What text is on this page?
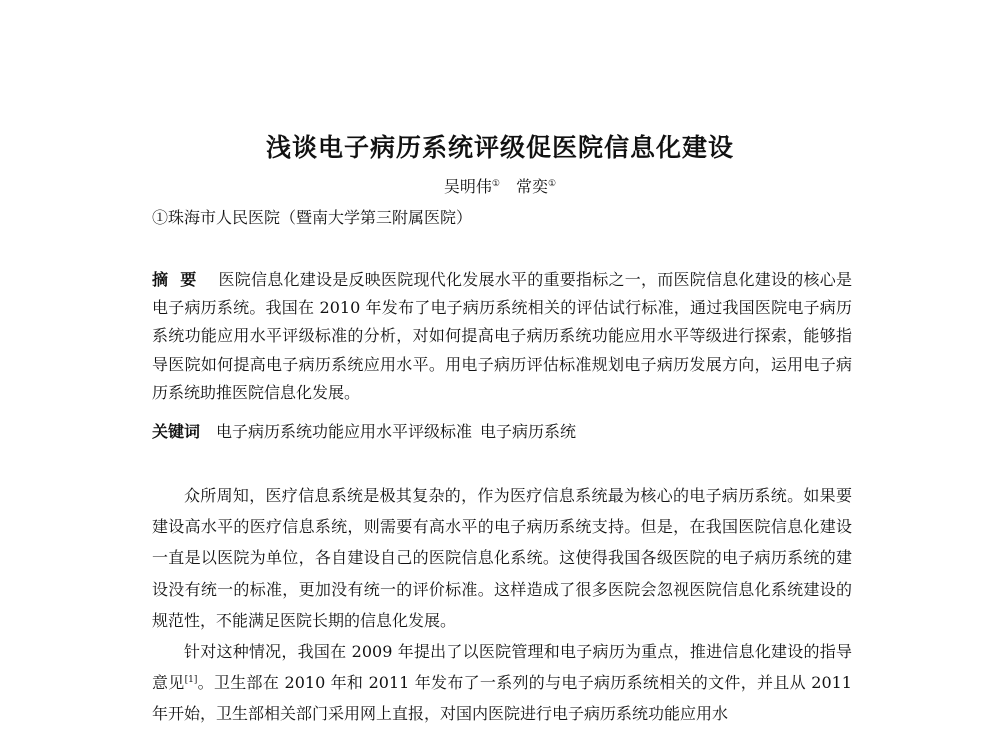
浅谈电子病历系统评级促医院信息化建设
吴明伟① 常奕①
①珠海市人民医院（暨南大学第三附属医院）
摘要 医院信息化建设是反映医院现代化发展水平的重要指标之一，而医院信息化建设的核心是电子病历系统。我国在 2010 年发布了电子病历系统相关的评估试行标准，通过我国医院电子病历系统功能应用水平评级标准的分析，对如何提高电子病历系统功能应用水平等级进行探索，能够指导医院如何提高电子病历系统应用水平。用电子病历评估标准规划电子病历发展方向，运用电子病历系统助推医院信息化发展。
关键词 电子病历系统功能应用水平评级标准 电子病历系统

众所周知，医疗信息系统是极其复杂的，作为医疗信息系统最为核心的电子病历系统。如果要建设高水平的医疗信息系统，则需要有高水平的电子病历系统支持。但是，在我国医院信息化建设一直是以医院为单位，各自建设自己的医院信息化系统。这使得我国各级医院的电子病历系统的建设没有统一的标准，更加没有统一的评价标准。这样造成了很多医院会忽视医院信息化系统建设的规范性，不能满足医院长期的信息化发展。

针对这种情况，我国在 2009 年提出了以医院管理和电子病历为重点，推进信息化建设的指导意见[1]。卫生部在 2010 年和 2011 年发布了一系列的与电子病历系统相关的文件，并且从 2011 年开始，卫生部相关部门采用网上直报，对国内医院进行电子病历系统功能应用水
